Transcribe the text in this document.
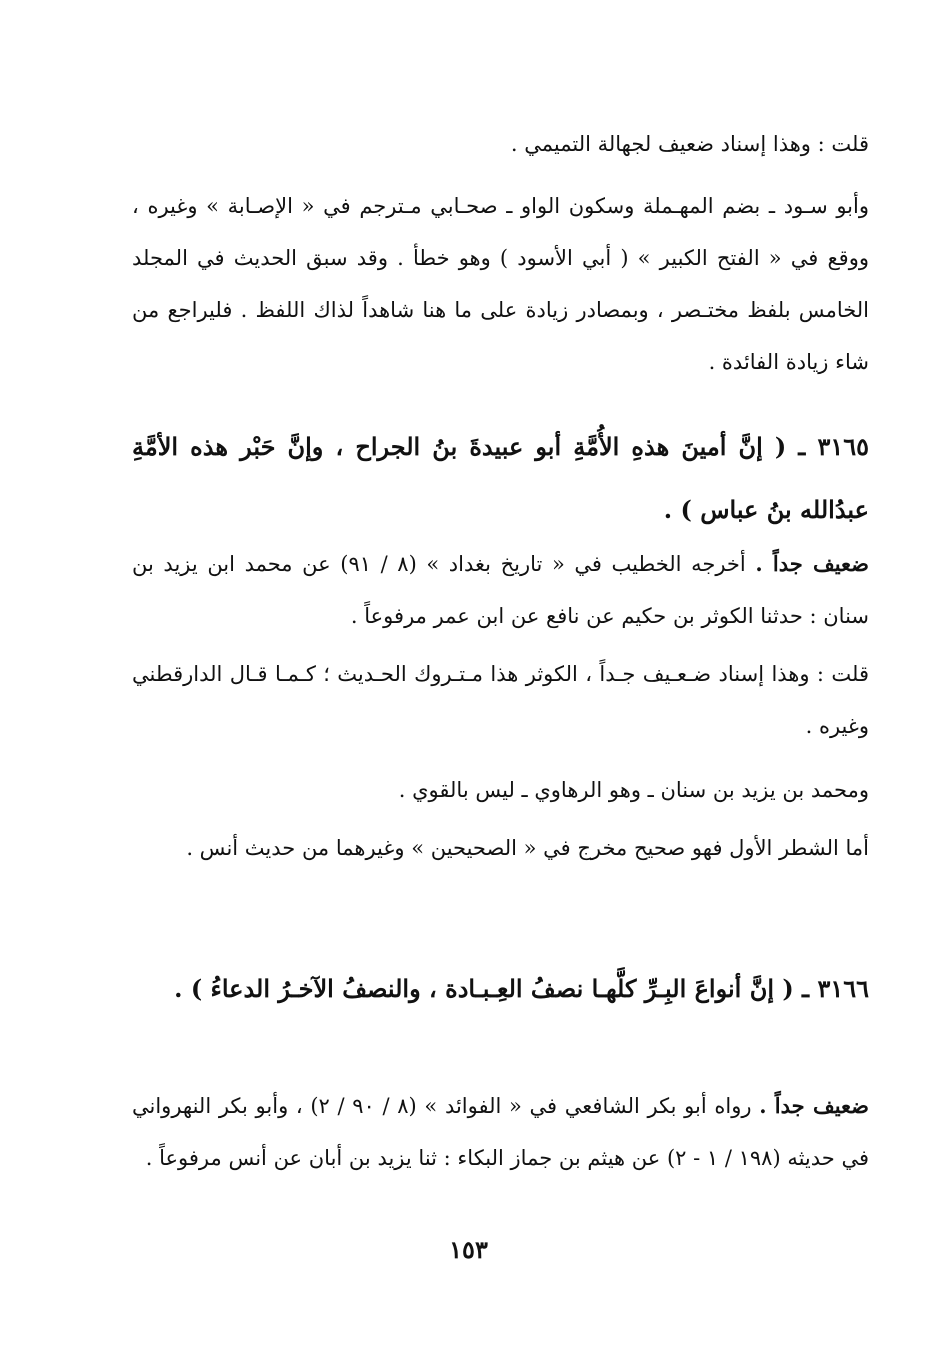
قلت : وهذا إسناد ضعيف لجهالة التميمي .

وأبو سـود ـ بضم المهـملة وسكون الواو ـ صحـابي مـترجم في « الإصـابة » وغيره ، ووقع في « الفتح الكبير » ( أبي الأسود ) وهو خطأ . وقد سبق الحديث في المجلد الخامس بلفظ مختـصر ، وبمصادر زيادة على ما هنا شاهداً لذاك اللفظ . فليراجع من شاء زيادة الفائدة .

٣١٦٥ ـ ( إنَّ أمينَ هذهِ الأُمَّةِ أبو عبيدةَ بنُ الجراح ، وإنَّ حَبْر هذه الأمَّةِ عبدُالله بنُ عباس ) .

ضعيف جداً . أخرجه الخطيب في « تاريخ بغداد » (٨ / ٩١) عن محمد ابن يزيد بن سنان : حدثنا الكوثر بن حكيم عن نافع عن ابن عمر مرفوعاً .

قلت : وهذا إسناد ضـعـيف جـداً ، الكوثر هذا مـتـروك الحـديث ؛ كـمـا قـال الدارقطني وغيره .

ومحمد بن يزيد بن سنان ـ وهو الرهاوي ـ ليس بالقوي .

أما الشطر الأول فهو صحيح مخرج في « الصحيحين » وغيرهما من حديث أنس .

٣١٦٦ ـ ( إنَّ أنواعَ البِـرِّ كلَّهـا نصفُ العِـبـادة ، والنصفُ الآخـرُ الدعاءُ ) .

ضعيف جداً . رواه أبو بكر الشافعي في « الفوائد » (٨ / ٩٠ / ٢) ، وأبو بكر النهرواني في حديثه (١٩٨ / ١ - ٢) عن هيثم بن جماز البكاء : ثنا يزيد بن أبان عن أنس مرفوعاً .

١٥٣
